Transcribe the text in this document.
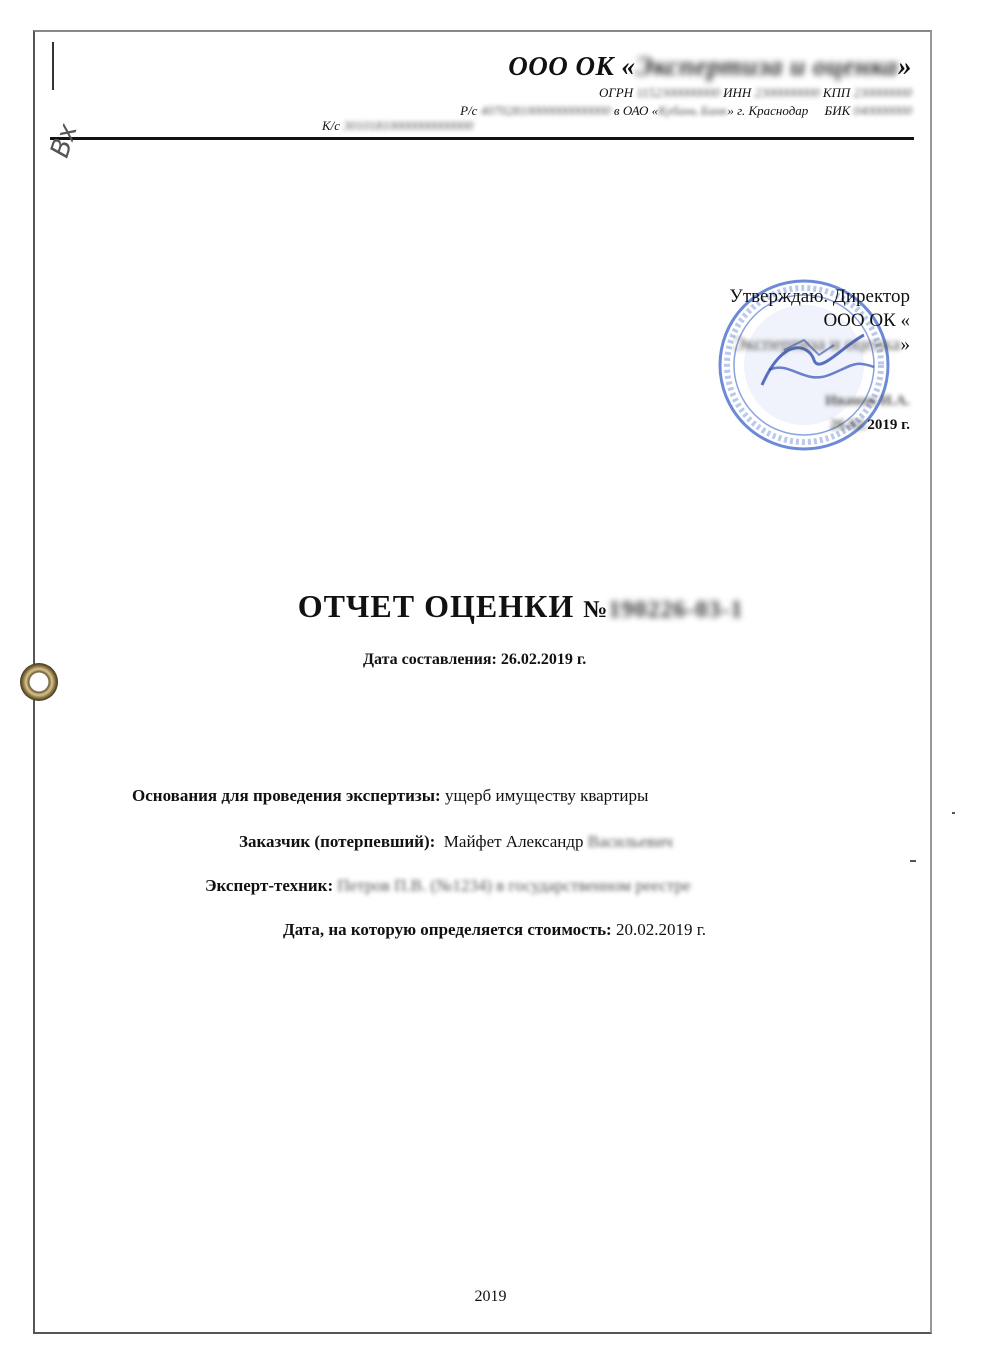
ООО ОК «Экспертиза и оценка»
ОГРН 1152300000000 ИНН 2300000000 КПП 230000000
Р/с 40702810000000000000 в ОАО «Кубань Банк» г. Краснодар БИК 040000000
К/с 30101810000000000000
Вх
Утверждаю. Директор
ООО ОК «Экспертиза и оценка»
Иванов И.А.
26.02.2019 г.
ОТЧЕТ ОЦЕНКИ №190226-03-1
Дата составления: 26.02.2019 г.
Основания для проведения экспертизы: ущерб имуществу квартиры
Заказчик (потерпевший): Майфет Александр Васильевич
Эксперт-техник: Петров П.В. (№1234) в государственном реестре
Дата, на которую определяется стоимость: 20.02.2019 г.
2019
